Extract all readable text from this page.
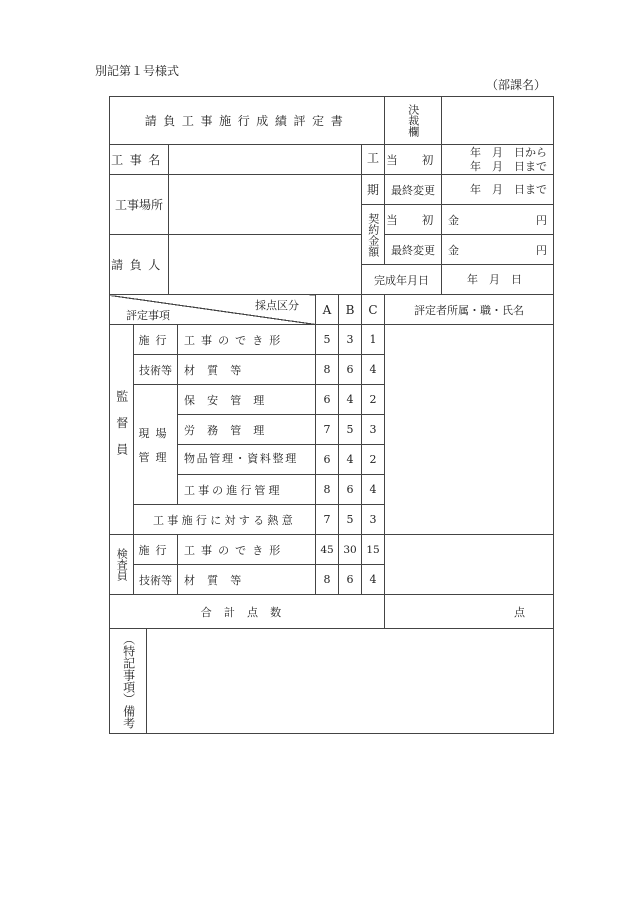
別記第１号様式
（部課名）
請負工事施行成績評定書								決裁欄	

工事名							工	当　初	年　月　日から
年　月　日まで

工事場所							期	最終変更	年　月　日まで

							契約金額	当　初	金 円

請負人								最終変更	金 円

							完成年月日		年　月　日

採点区分
評定事項					A	B	C	評定者所属・職・氏名	

監督員	施行			工事のでき形	5	3	1		
	技術等			材質等	8	6	4		

	現場
管理			保安管理	6	4	2		
				労務管理	7	5	3		
				物品管理・資料整理	6	4	2		
				工事の進行管理	8	6	4		
	工事施行に対する熱意				7	5	3		

検査員	施行			工事のでき形	45	30	15		
	技術等			材質等	8	6	4		
合計点数								点	

（特記事項）備考									
